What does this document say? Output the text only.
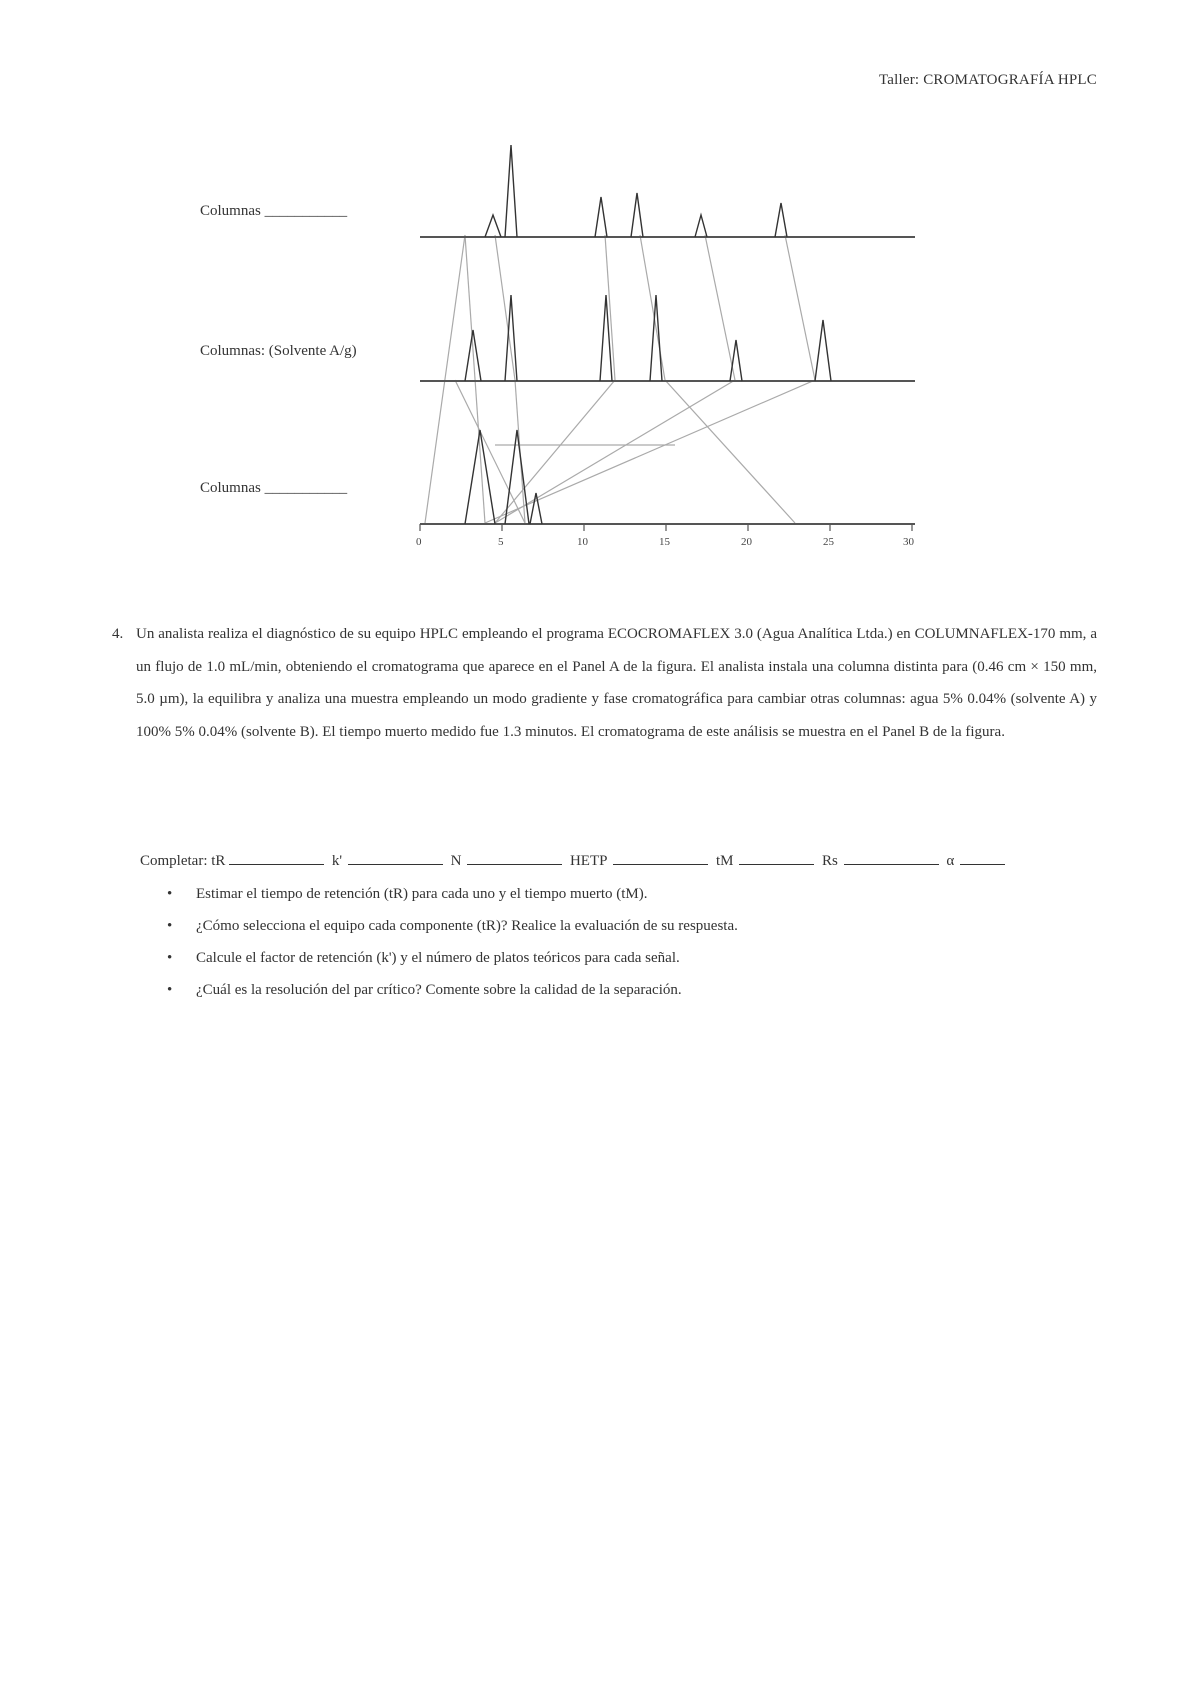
Taller: CROMATOGRAFÍA HPLC
Columnas ___________
Columnas: (Solvente A/g)
Columnas ___________
0	5	10	15	20	25	30
4. Un analista realiza el diagnóstico de su equipo HPLC empleando el programa ECOCROMAFLEX 3.0 (Agua Analítica Ltda.) en COLUMNAFLEX-170 mm, a un flujo de 1.0 mL/min, obteniendo el cromatograma que aparece en el Panel A de la figura. El analista instala una columna distinta para (0.46 cm × 150 mm, 5.0 µm), la equilibra y analiza una muestra empleando un modo gradiente y fase cromatográfica para cambiar otras columnas: agua 5% 0.04% (solvente A) y 100% 5% 0.04% (solvente B). El tiempo muerto medido fue 1.3 minutos. El cromatograma de este análisis se muestra en el Panel B de la figura.
Completar: tR	k'	N	HETP	tM	Rs	α
• Estimar el tiempo de retención (tR) para cada uno y el tiempo muerto (tM).
• ¿Cómo selecciona el equipo cada componente (tR)? Realice la evaluación de su respuesta.
• Calcule el factor de retención (k') y el número de platos teóricos para cada señal.
• ¿Cuál es la resolución del par crítico? Comente sobre la calidad de la separación.
